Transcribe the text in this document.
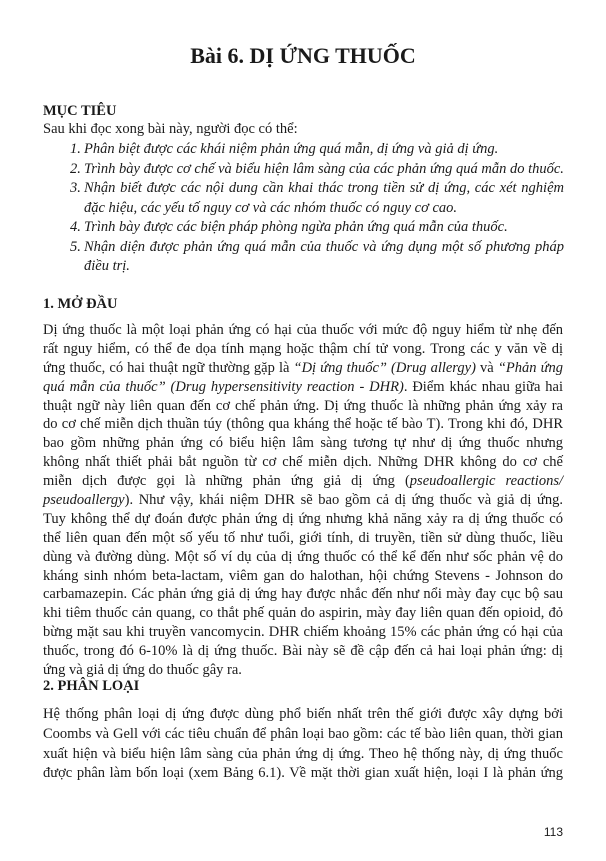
Bài 6. DỊ ỨNG THUỐC
MỤC TIÊU
Sau khi đọc xong bài này, người đọc có thể:
1. Phân biệt được các khái niệm phản ứng quá mẫn, dị ứng và giả dị ứng.
2. Trình bày được cơ chế và biểu hiện lâm sàng của các phản ứng quá mẫn do thuốc.
3. Nhận biết được các nội dung cần khai thác trong tiền sử dị ứng, các xét nghiệm
đặc hiệu, các yếu tố nguy cơ và các nhóm thuốc có nguy cơ cao.
4. Trình bày được các biện pháp phòng ngừa phản ứng quá mẫn của thuốc.
5. Nhận diện được phản ứng quá mẫn của thuốc và ứng dụng một số phương pháp
điều trị.
1. MỞ ĐẦU
Dị ứng thuốc là một loại phản ứng có hại của thuốc với mức độ nguy hiểm từ nhẹ đến
rất nguy hiểm, có thể đe dọa tính mạng hoặc thậm chí tử vong. Trong các y văn về dị
ứng thuốc, có hai thuật ngữ thường gặp là “Dị ứng thuốc” (Drug allergy) và “Phản ứng
quá mẫn của thuốc” (Drug hypersensitivity reaction - DHR). Điểm khác nhau giữa hai
thuật ngữ này liên quan đến cơ chế phản ứng. Dị ứng thuốc là những phản ứng xảy ra
do cơ chế miễn dịch thuần túy (thông qua kháng thể hoặc tế bào T). Trong khi đó, DHR
bao gồm những phản ứng có biểu hiện lâm sàng tương tự như dị ứng thuốc nhưng
không nhất thiết phải bắt nguồn từ cơ chế miễn dịch. Những DHR không do cơ chế
miễn dịch được gọi là những phản ứng giả dị ứng (pseudoallergic reactions/
pseudoallergy). Như vậy, khái niệm DHR sẽ bao gồm cả dị ứng thuốc và giả dị ứng.
Tuy không thể dự đoán được phản ứng dị ứng nhưng khả năng xảy ra dị ứng thuốc có
thể liên quan đến một số yếu tố như tuổi, giới tính, di truyền, tiền sử dùng thuốc, liều
dùng và đường dùng. Một số ví dụ của dị ứng thuốc có thể kể đến như sốc phản vệ do
kháng sinh nhóm beta-lactam, viêm gan do halothan, hội chứng Stevens - Johnson do
carbamazepin. Các phản ứng giả dị ứng hay được nhắc đến như nổi mày đay cục bộ sau
khi tiêm thuốc cản quang, co thắt phế quản do aspirin, mày đay liên quan đến opioid, đỏ
bừng mặt sau khi truyền vancomycin. DHR chiếm khoảng 15% các phản ứng có hại của
thuốc, trong đó 6-10% là dị ứng thuốc. Bài này sẽ đề cập đến cả hai loại phản ứng: dị
ứng và giả dị ứng do thuốc gây ra.
2. PHÂN LOẠI
Hệ thống phân loại dị ứng được dùng phổ biến nhất trên thế giới được xây dựng bởi
Coombs và Gell với các tiêu chuẩn để phân loại bao gồm: các tế bào liên quan, thời gian
xuất hiện và biểu hiện lâm sàng của phản ứng dị ứng. Theo hệ thống này, dị ứng thuốc
được phân làm bốn loại (xem Bảng 6.1). Về mặt thời gian xuất hiện, loại I là phản ứng
113
